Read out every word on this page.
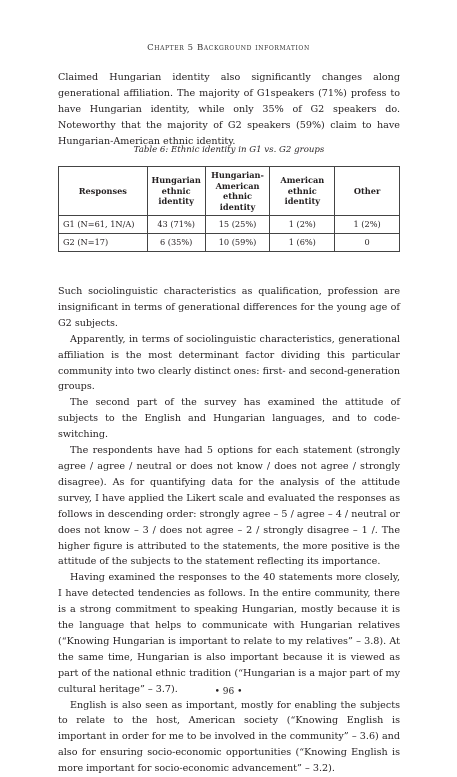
Chapter 5 Background information

Claimed Hungarian identity also significantly changes along generational affiliation. The majority of G1speakers (71%) profess to have Hungarian identity, while only 35% of G2 speakers do. Noteworthy that the majority of G2 speakers (59%) claim to have Hungarian-American ethnic identity.

Table 6: Ethnic identity in G1 vs. G2 groups
Responses	Hungarian ethnic identity	Hungarian-American ethnic identity	American ethnic identity	Other
G1 (N=61, 1N/A)	43 (71%)	15 (25%)	1 (2%)	1 (2%)
G2 (N=17)	6 (35%)	10 (59%)	1 (6%)	0

Such sociolinguistic characteristics as qualification, profession are insignificant in terms of generational differences for the young age of G2 subjects.

Apparently, in terms of sociolinguistic characteristics, generational affiliation is the most determinant factor dividing this particular community into two clearly distinct ones: first- and second-generation groups.

The second part of the survey has examined the attitude of subjects to the English and Hungarian languages, and to code-switching.

The respondents have had 5 options for each statement (strongly agree / agree / neutral or does not know / does not agree / strongly disagree). As for quantifying data for the analysis of the attitude survey, I have applied the Likert scale and evaluated the responses as follows in descending order: strongly agree – 5 / agree – 4 / neutral or does not know – 3 / does not agree – 2 / strongly disagree – 1 /. The higher figure is attributed to the statements, the more positive is the attitude of the subjects to the statement reflecting its importance.

Having examined the responses to the 40 statements more closely, I have detected tendencies as follows. In the entire community, there is a strong commitment to speaking Hungarian, mostly because it is the language that helps to communicate with Hungarian relatives (“Knowing Hungarian is important to relate to my relatives” – 3.8). At the same time, Hungarian is also important because it is viewed as part of the national ethnic tradition (“Hungarian is a major part of my cultural heritage” – 3.7).

English is also seen as important, mostly for enabling the subjects to relate to the host, American society (“Knowing English is important in order for me to be involved in the community” – 3.6) and also for ensuring socio-economic opportunities (“Knowing English is more important for socio-economic advancement” – 3.2).

• 96 •
